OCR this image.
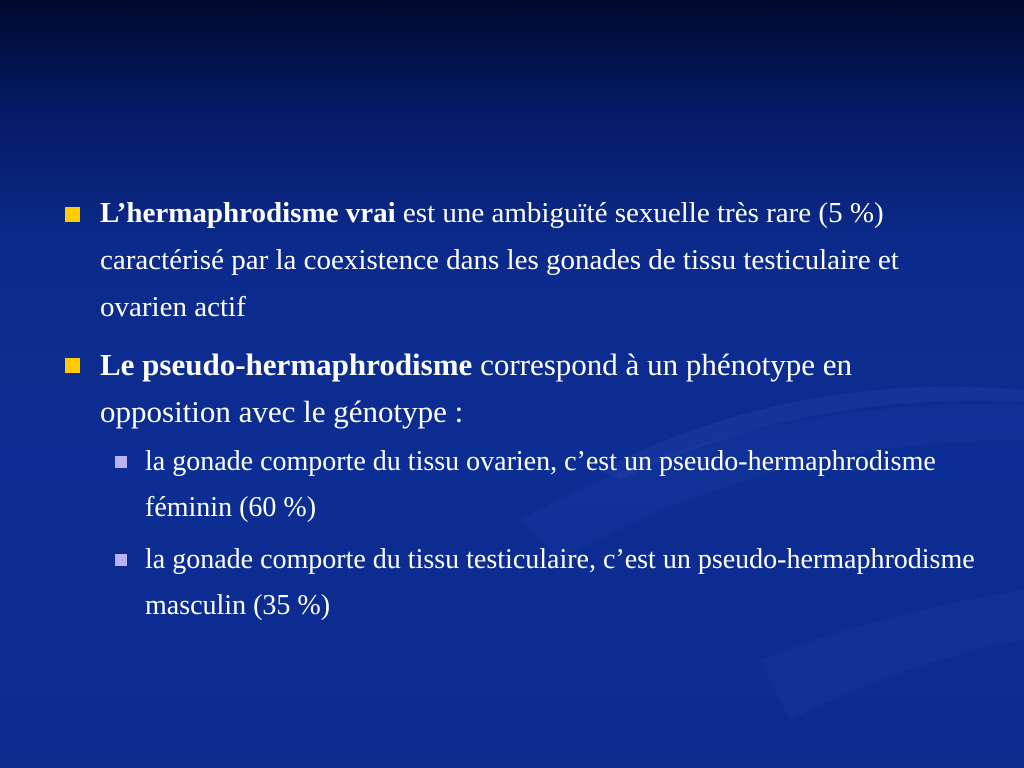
L’hermaphrodisme vrai est une ambiguïté sexuelle très rare (5 %) caractérisé par la coexistence dans les gonades de tissu testiculaire et ovarien actif

Le pseudo-hermaphrodisme correspond à un phénotype en opposition avec le génotype :

la gonade comporte du tissu ovarien, c’est un pseudo-hermaphrodisme féminin (60 %)

la gonade comporte du tissu testiculaire, c’est un pseudo-hermaphrodisme masculin (35 %)
